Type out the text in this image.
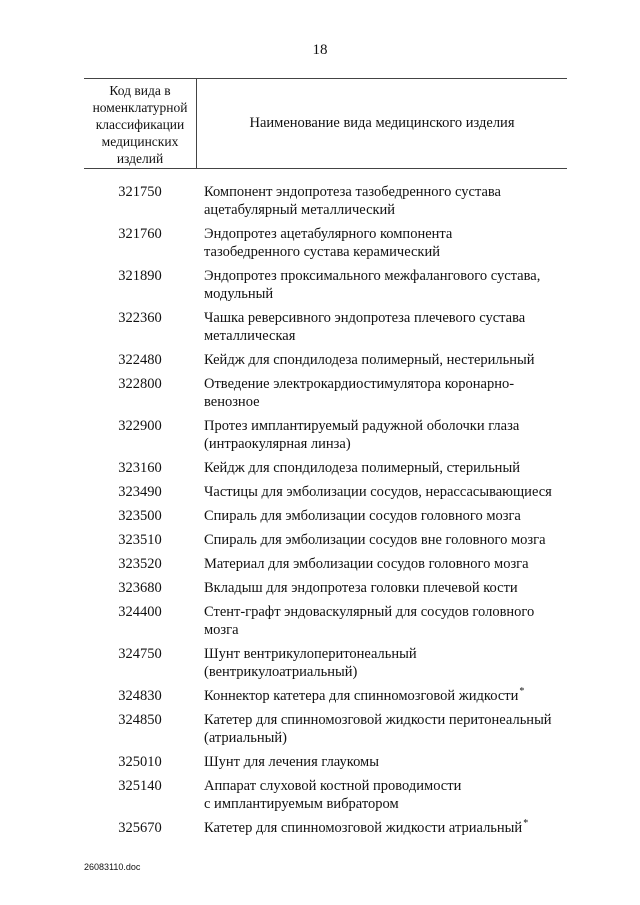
18
Код вида в
номенклатурной
классификации
медицинских
изделий
Наименование вида медицинского изделия
321750	Компонент эндопротеза тазобедренного сустава
ацетабулярный металлический
321760	Эндопротез ацетабулярного компонента
тазобедренного сустава керамический
321890	Эндопротез проксимального межфалангового сустава,
модульный
322360	Чашка реверсивного эндопротеза плечевого сустава
металлическая
322480	Кейдж для спондилодеза полимерный, нестерильный
322800	Отведение электрокардиостимулятора коронарно-
венозное
322900	Протез имплантируемый радужной оболочки глаза
(интраокулярная линза)
323160	Кейдж для спондилодеза полимерный, стерильный
323490	Частицы для эмболизации сосудов, нерассасывающиеся
323500	Спираль для эмболизации сосудов головного мозга
323510	Спираль для эмболизации сосудов вне головного мозга
323520	Материал для эмболизации сосудов головного мозга
323680	Вкладыш для эндопротеза головки плечевой кости
324400	Стент-графт эндоваскулярный для сосудов головного
мозга
324750	Шунт вентрикулоперитонеальный
(вентрикулоатриальный)
324830	Коннектор катетера для спинномозговой жидкости*
324850	Катетер для спинномозговой жидкости перитонеальный
(атриальный)
325010	Шунт для лечения глаукомы
325140	Аппарат слуховой костной проводимости
с имплантируемым вибратором
325670	Катетер для спинномозговой жидкости атриальный*
26083110.doc
